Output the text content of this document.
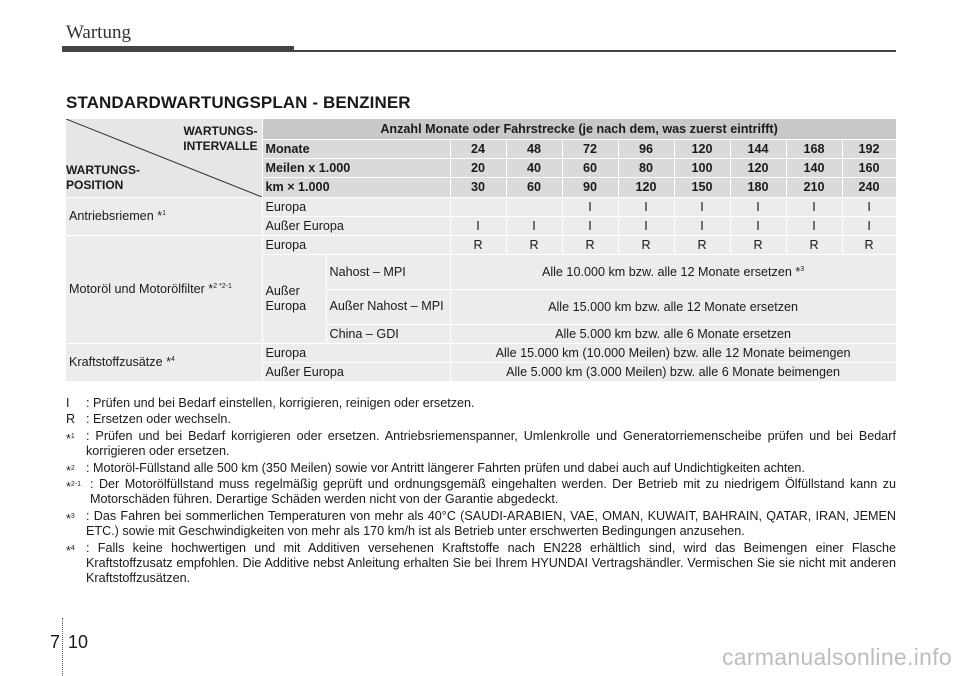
Wartung
STANDARDWARTUNGSPLAN - BENZINER
WARTUNGS-
INTERVALLE
WARTUNGS-
POSITION	Anzahl Monate oder Fahrstrecke (je nach dem, was zuerst eintrifft)									
	Monate		24	48	72	96	120	144	168	192
	Meilen x 1.000		20	40	60	80	100	120	140	160
	km × 1.000		30	60	90	120	150	180	210	240
Antriebsriemen *$^1$	Europa				I	I	I	I	I	I
	Außer Europa		I	I	I	I	I	I	I	I
Motoröl und Motorölfilter *$^{2 *2-1}$	Europa		R	R	R	R	R	R	R	R
	Außer Europa	Nahost – MPI	Alle 10.000 km bzw. alle 12 Monate ersetzen *$^3$
		Außer Nahost – MPI	Alle 15.000 km bzw. alle 12 Monate ersetzen							
		China – GDI	Alle 5.000 km bzw. alle 6 Monate ersetzen							
Kraftstoffzusätze *$^4$	Europa		Alle 15.000 km (10.000 Meilen) bzw. alle 12 Monate beimengen							
	Außer Europa		Alle 5.000 km (3.000 Meilen) bzw. alle 6 Monate beimengen							
I : Prüfen und bei Bedarf einstellen, korrigieren, reinigen oder ersetzen.
R : Ersetzen oder wechseln.
*$^1$ : Prüfen und bei Bedarf korrigieren oder ersetzen. Antriebsriemenspanner, Umlenkrolle und Generatorriemenscheibe prüfen und bei Bedarf korrigieren oder ersetzen.
*$^2$ : Motoröl-Füllstand alle 500 km (350 Meilen) sowie vor Antritt längerer Fahrten prüfen und dabei auch auf Undichtigkeiten achten.
*$^{2-1}$ : Der Motorölfüllstand muss regelmäßig geprüft und ordnungsgemäß eingehalten werden. Der Betrieb mit zu niedrigem Ölfüllstand kann zu Motorschäden führen. Derartige Schäden werden nicht von der Garantie abgedeckt.
*$^3$ : Das Fahren bei sommerlichen Temperaturen von mehr als 40°C (SAUDI-ARABIEN, VAE, OMAN, KUWAIT, BAHRAIN, QATAR, IRAN, JEMEN ETC.) sowie mit Geschwindigkeiten von mehr als 170 km/h ist als Betrieb unter erschwerten Bedingungen anzusehen.
*$^4$ : Falls keine hochwertigen und mit Additiven versehenen Kraftstoffe nach EN228 erhältlich sind, wird das Beimengen einer Flasche Kraftstoffzusatz empfohlen. Die Additive nebst Anleitung erhalten Sie bei Ihrem HYUNDAI Vertragshändler. Vermischen Sie sie nicht mit anderen Kraftstoffzusätzen.
7 10
carmanualsonline.info
